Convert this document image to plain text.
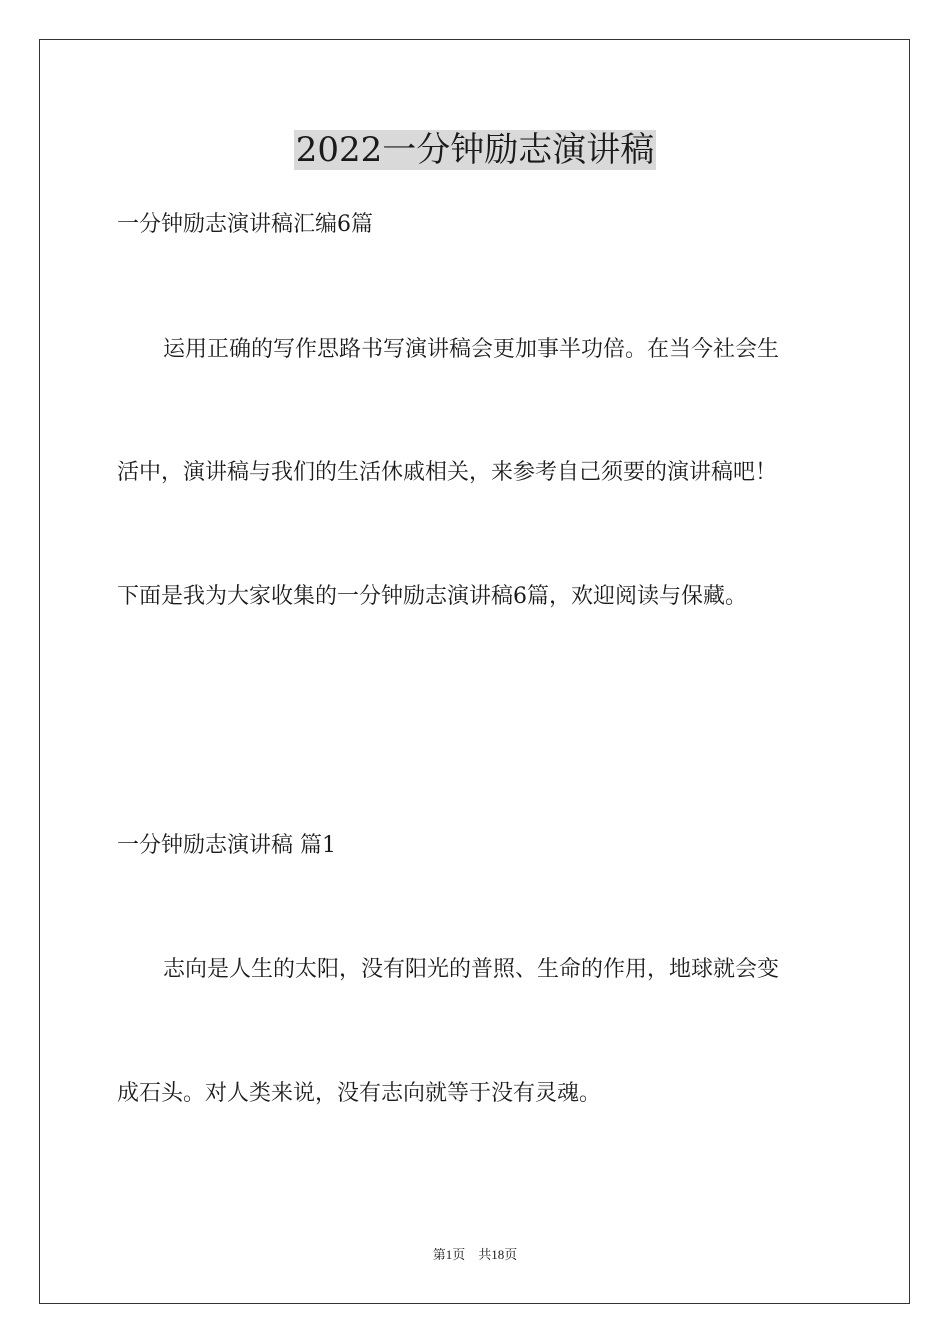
2022一分钟励志演讲稿
一分钟励志演讲稿汇编6篇
运用正确的写作思路书写演讲稿会更加事半功倍。在当今社会生
活中，演讲稿与我们的生活休戚相关，来参考自己须要的演讲稿吧！
下面是我为大家收集的一分钟励志演讲稿6篇，欢迎阅读与保藏。
一分钟励志演讲稿 篇1
志向是人生的太阳，没有阳光的普照、生命的作用，地球就会变
成石头。对人类来说，没有志向就等于没有灵魂。
第1页　共18页
